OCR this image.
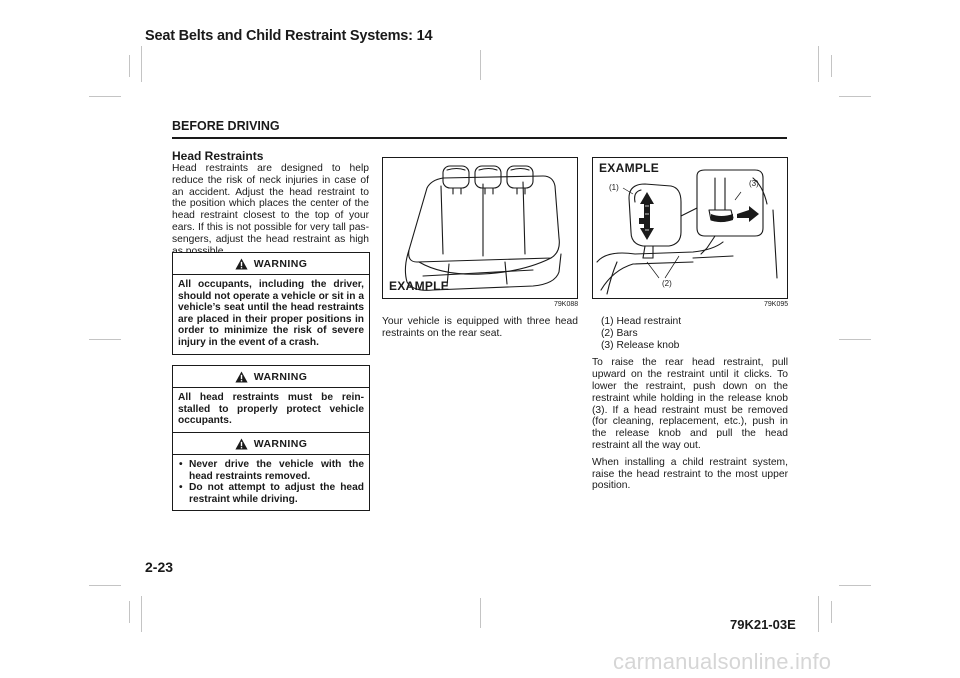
Seat Belts and Child Restraint Systems: 14
BEFORE DRIVING
Head Restraints

Head restraints are designed to help reduce the risk of neck injuries in case of an accident. Adjust the head restraint to the position which places the center of the head restraint closest to the top of your ears. If this is not possible for very tall pas-sengers, adjust the head restraint as high

WARNING
All occupants, including the driver, should not operate a vehicle or sit in a vehicle’s seat until the head restraints are placed in their proper positions in order to minimize the risk of severe injury in the event of a crash.
WARNING
All head restraints must be rein-stalled to properly protect vehicle occupants.
WARNING
• Never drive the vehicle with the head restraints removed.
• Do not attempt to adjust the head restraint while driving.
EXAMPLE
79K088
EXAMPLE
(1)
(2)
(3)
79K095

Your vehicle is equipped with three head restraints on the rear seat.

(1) Head restraint
(2) Bars
(3) Release knob

To raise the rear head restraint, pull upward on the restraint until it clicks. To lower the restraint, push down on the restraint while holding in the release knob (3). If a head restraint must be removed (for cleaning, replacement, etc.), push in the release knob and pull the head restraint all the way out.

When installing a child restraint system, raise the head restraint to the most upper position.

2-23
79K21-03E
carmanualsonline.info
